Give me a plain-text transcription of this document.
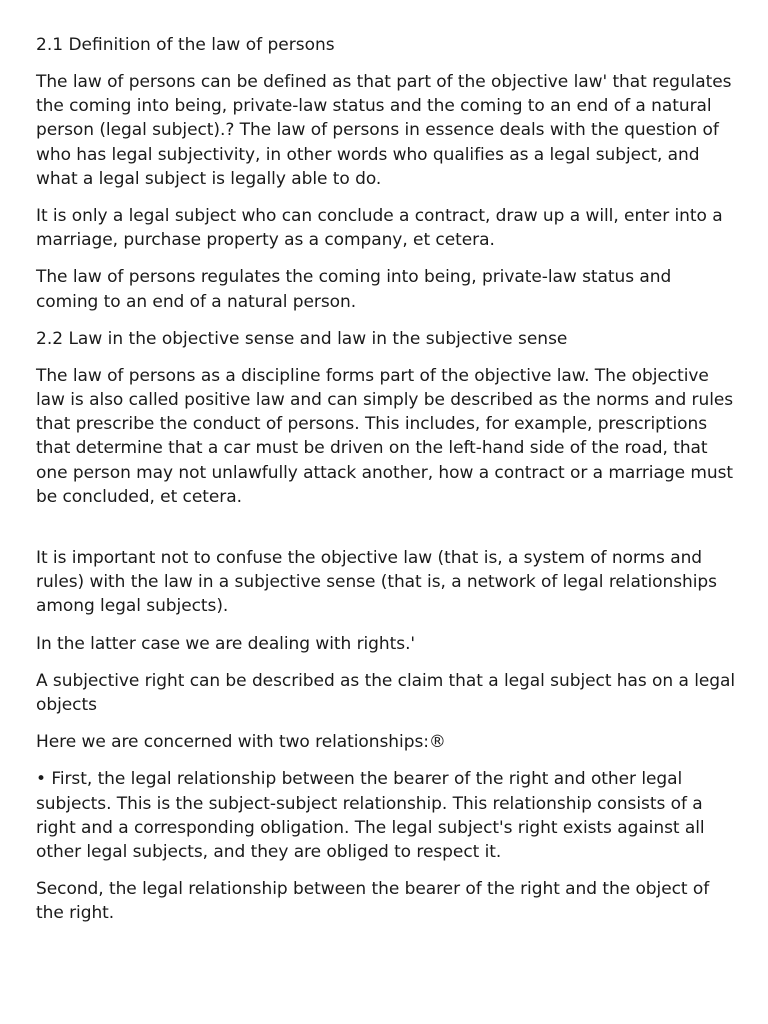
2.1 Definition of the law of persons

The law of persons can be defined as that part of the objective law' that regulates the coming into being, private-law status and the coming to an end of a natural person (legal subject).? The law of persons in essence deals with the question of who has legal subjectivity, in other words who qualifies as a legal subject, and what a legal subject is legally able to do.

It is only a legal subject who can conclude a contract, draw up a will, enter into a marriage, purchase property as a company, et cetera.

The law of persons regulates the coming into being, private-law status and coming to an end of a natural person.

2.2 Law in the objective sense and law in the subjective sense

The law of persons as a discipline forms part of the objective law. The objective law is also called positive law and can simply be described as the norms and rules that prescribe the conduct of persons. This includes, for example, prescriptions that determine that a car must be driven on the left-hand side of the road, that one person may not unlawfully attack another, how a contract or a marriage must be concluded, et cetera.

It is important not to confuse the objective law (that is, a system of norms and rules) with the law in a subjective sense (that is, a network of legal relationships among legal subjects).

In the latter case we are dealing with rights.'

A subjective right can be described as the claim that a legal subject has on a legal objects

Here we are concerned with two relationships:®

• First, the legal relationship between the bearer of the right and other legal subjects. This is the subject-subject relationship. This relationship consists of a right and a corresponding obligation. The legal subject's right exists against all other legal subjects, and they are obliged to respect it.

Second, the legal relationship between the bearer of the right and the object of the right.
